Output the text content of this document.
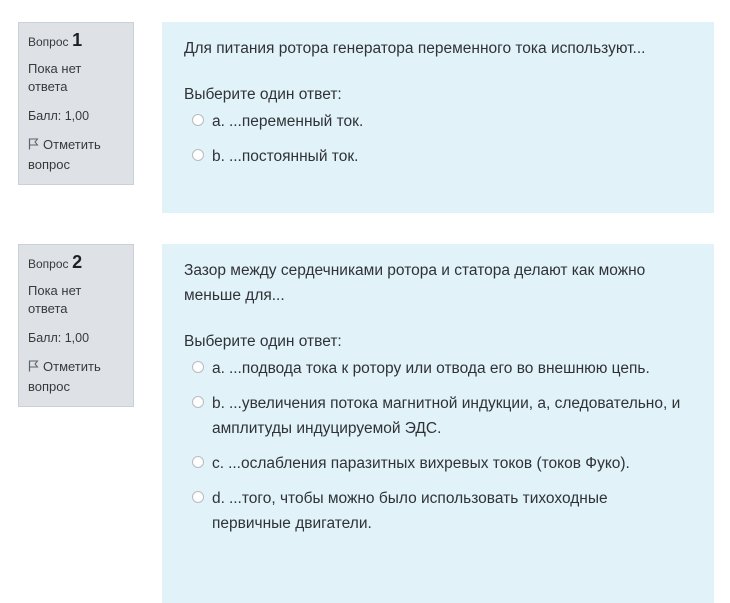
Вопрос 1
Пока нет ответа
Балл: 1,00
Отметить вопрос
Для питания ротора генератора переменного тока используют...
Выберите один ответ:
a. ...переменный ток.
b. ...постоянный ток.
Вопрос 2
Пока нет ответа
Балл: 1,00
Отметить вопрос
Зазор между сердечниками ротора и статора делают как можно меньше для...
Выберите один ответ:
a. ...подвода тока к ротору или отвода его во внешнюю цепь.
b. ...увеличения потока магнитной индукции, а, следовательно, и амплитуды индуцируемой ЭДС.
c. ...ослабления паразитных вихревых токов (токов Фуко).
d. ...того, чтобы можно было использовать тихоходные первичные двигатели.
